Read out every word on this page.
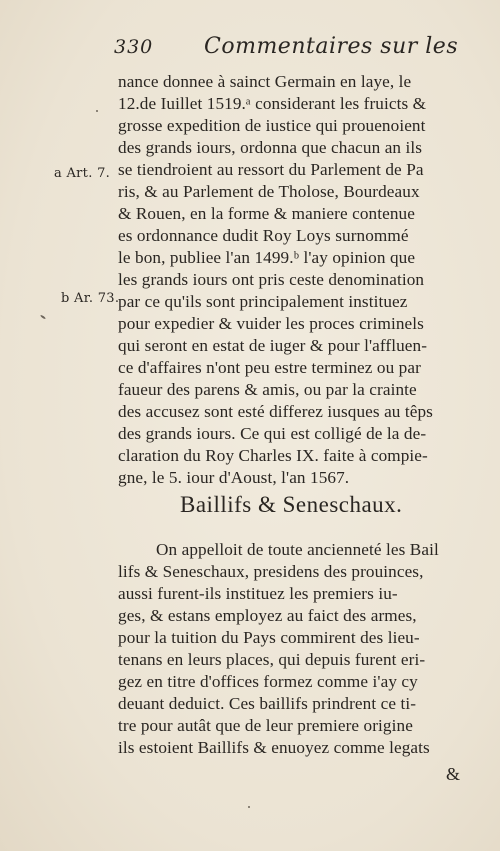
330 Commentaires sur les
a Art. 7.
b Ar. 73.
nance donnee à sainct Germain en laye, le
12.de Iuillet 1519.ᵃ considerant les fruicts &
grosse expedition de iustice qui prouenoient
des grands iours, ordonna que chacun an ils
se tiendroient au ressort du Parlement de Pa
ris, & au Parlement de Tholose, Bourdeaux
& Rouen, en la forme & maniere contenue
es ordonnance dudit Roy Loys surnommé
le bon, publiee l'an 1499.ᵇ l'ay opinion que
les grands iours ont pris ceste denomination
par ce qu'ils sont principalement instituez
pour expedier & vuider les proces criminels
qui seront en estat de iuger & pour l'affluen-
ce d'affaires n'ont peu estre terminez ou par
faueur des parens & amis, ou par la crainte
des accusez sont esté differez iusques au têps
des grands iours. Ce qui est colligé de la de-
claration du Roy Charles IX. faite à compie-
gne, le 5. iour d'Aoust, l'an 1567.
Baillifs & Seneschaux.
On appelloit de toute ancienneté les Bail
lifs & Seneschaux, presidens des prouinces,
aussi furent-ils instituez les premiers iu-
ges, & estans employez au faict des armes,
pour la tuition du Pays commirent des lieu-
tenans en leurs places, qui depuis furent eri-
gez en titre d'offices formez comme i'ay cy
deuant deduict. Ces baillifs prindrent ce ti-
tre pour autât que de leur premiere origine
ils estoient Baillifs & enuoyez comme legats
&
